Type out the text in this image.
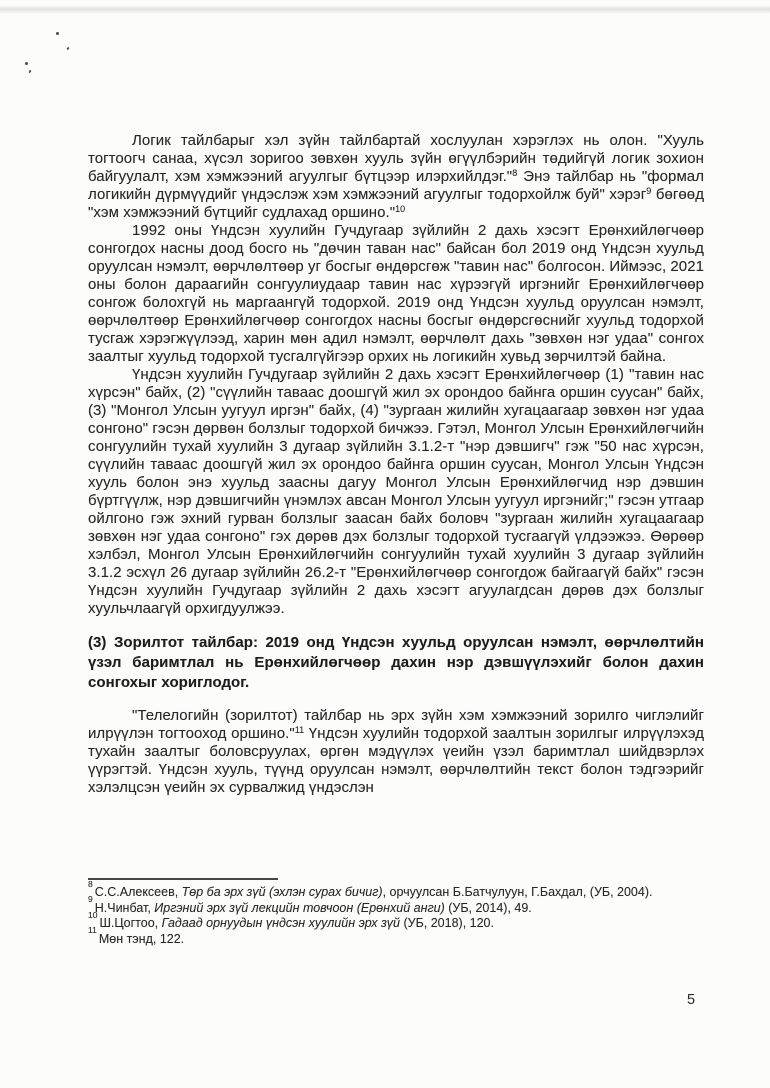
Логик тайлбарыг хэл зүйн тайлбартай хослуулан хэрэглэх нь олон. "Хууль тогтоогч санаа, хүсэл зоригоо зөвхөн хууль зүйн өгүүлбэрийн төдийгүй логик зохион байгуулалт, хэм хэмжээний агуулгыг бүтцээр илэрхийлдэг."$^8$ Энэ тайлбар нь "формал логикийн дүрмүүдийг үндэслэж хэм хэмжээний агуулгыг тодорхойлж буй" хэрэг$^9$ бөгөөд "хэм хэмжээний бүтцийг судлахад оршино."$^{10}$

1992 оны Үндсэн хуулийн Гучдугаар зүйлийн 2 дахь хэсэгт Ерөнхийлөгчөөр сонгогдох насны доод босго нь "дөчин таван нас" байсан бол 2019 онд Үндсэн хуульд оруулсан нэмэлт, өөрчлөлтөөр уг босгыг өндөрсгөж "тавин нас" болгосон. Иймээс, 2021 оны болон дараагийн сонгуулиудаар тавин нас хүрээгүй иргэнийг Ерөнхийлөгчөөр сонгож болохгүй нь маргаангүй тодорхой. 2019 онд Үндсэн хуульд оруулсан нэмэлт, өөрчлөлтөөр Ерөнхийлөгчөөр сонгогдох насны босгыг өндөрсгөснийг хуульд тодорхой тусгаж хэрэгжүүлээд, харин мөн адил нэмэлт, өөрчлөлт дахь "зөвхөн нэг удаа" сонгох заалтыг хуульд тодорхой тусгалгүйгээр орхих нь логикийн хувьд зөрчилтэй байна.

Үндсэн хуулийн Гучдугаар зүйлийн 2 дахь хэсэгт Ерөнхийлөгчөөр (1) "тавин нас хүрсэн" байх, (2) "сүүлийн таваас доошгүй жил эх орондоо байнга оршин суусан" байх, (3) "Монгол Улсын уугуул иргэн" байх, (4) "зургаан жилийн хугацаагаар зөвхөн нэг удаа сонгоно" гэсэн дөрвөн болзлыг тодорхой бичжээ. Гэтэл, Монгол Улсын Ерөнхийлөгчийн сонгуулийн тухай хуулийн 3 дугаар зүйлийн 3.1.2-т "нэр дэвшигч" гэж "50 нас хүрсэн, сүүлийн таваас доошгүй жил эх орондоо байнга оршин суусан, Монгол Улсын Үндсэн хууль болон энэ хуульд заасны дагуу Монгол Улсын Ерөнхийлөгчид нэр дэвшин бүртгүүлж, нэр дэвшигчийн үнэмлэх авсан Монгол Улсын уугуул иргэнийг;" гэсэн утгаар ойлгоно гэж эхний гурван болзлыг заасан байх боловч "зургаан жилийн хугацаагаар зөвхөн нэг удаа сонгоно" гэх дөрөв дэх болзлыг тодорхой тусгаагүй үлдээжээ. Өөрөөр хэлбэл, Монгол Улсын Ерөнхийлөгчийн сонгуулийн тухай хуулийн 3 дугаар зүйлийн 3.1.2 эсхүл 26 дугаар зүйлийн 26.2-т "Ерөнхийлөгчөөр сонгогдож байгаагүй байх" гэсэн Үндсэн хуулийн Гучдугаар зүйлийн 2 дахь хэсэгт агуулагдсан дөрөв дэх болзлыг хуульчлаагүй орхигдуулжээ.

(3) Зорилтот тайлбар: 2019 онд Үндсэн хуульд оруулсан нэмэлт, өөрчлөлтийн үзэл баримтлал нь Ерөнхийлөгчөөр дахин нэр дэвшүүлэхийг болон дахин сонгохыг хориглодог.

"Телелогийн (зорилтот) тайлбар нь эрх зүйн хэм хэмжээний зорилго чиглэлийг илрүүлэн тогтооход оршино."$^{11}$ Үндсэн хуулийн тодорхой заалтын зорилгыг илрүүлэхэд тухайн заалтыг боловсруулах, өргөн мэдүүлэх үеийн үзэл баримтлал шийдвэрлэх үүрэгтэй. Үндсэн хууль, түүнд оруулсан нэмэлт, өөрчлөлтийн текст болон тэдгээрийг хэлэлцсэн үеийн эх сурвалжид үндэслэн

$^8$С.С.Алексеев, Төр ба эрх зүй (эхлэн сурах бичиг), орчуулсан Б.Батчулуун, Г.Бахдал, (УБ, 2004).
$^9$Н.Чинбат, Иргэний эрх зүй лекцийн товчоон (Ерөнхий анги) (УБ, 2014), 49.
$^{10}$Ш.Цогтоо, Гадаад орнуудын үндсэн хуулийн эрх зүй (УБ, 2018), 120.
$^{11}$Мөн тэнд, 122.
5
